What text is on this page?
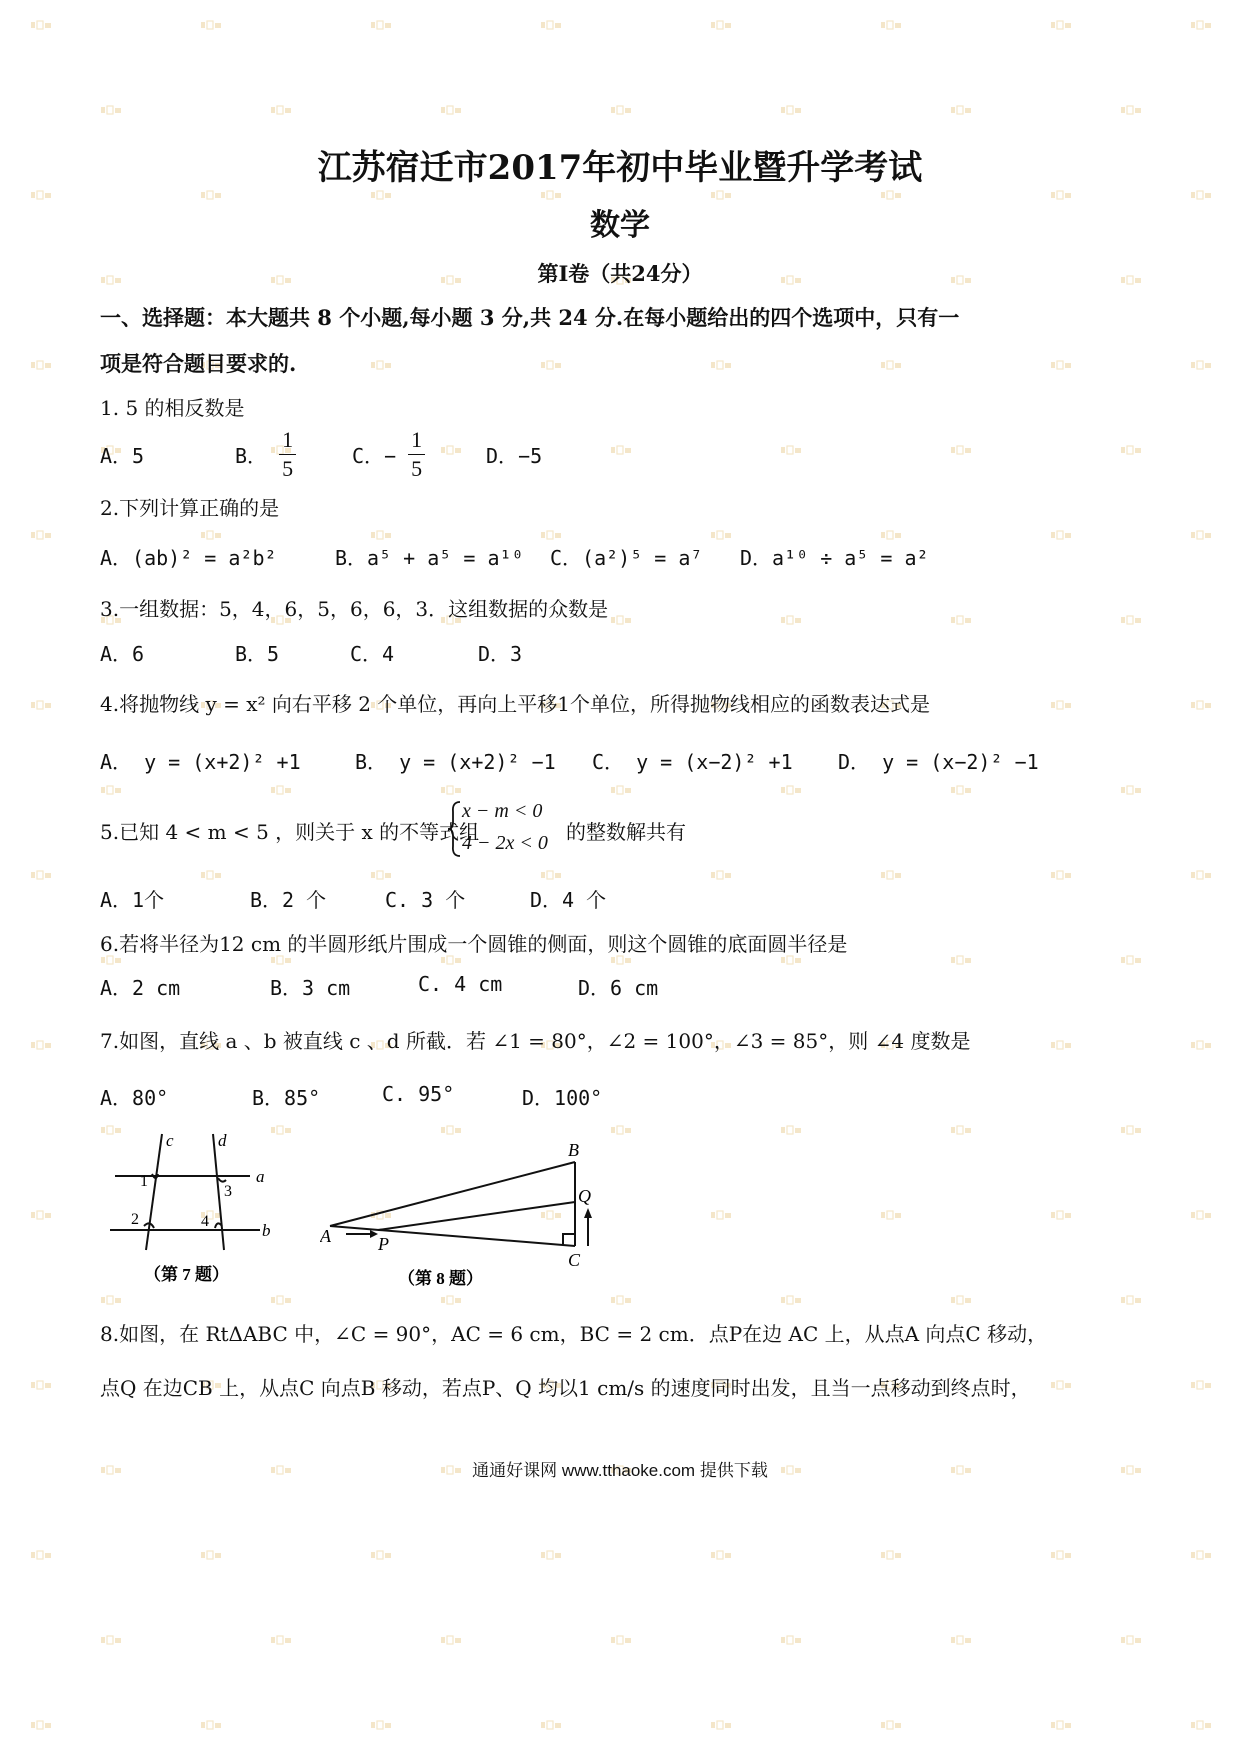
江苏宿迁市2017年初中毕业暨升学考试
数学
第Ⅰ卷（共24分）
一、选择题：本大题共 8 个小题,每小题 3 分,共 24 分.在每小题给出的四个选项中，只有一
项是符合题目要求的.
1. 5 的相反数是
A．5	B． $\frac{1}{5}$	C．− $\frac{1}{5}$	D．−5
2.下列计算正确的是
A．(ab)² = a²b²	B．a⁵ + a⁵ = a¹⁰ C．(a²)⁵ = a⁷ D．a¹⁰ ÷ a⁵ = a²
3.一组数据：5，4，6，5，6，6，3．这组数据的众数是
A．6	B．5	C．4	D．3
4.将抛物线 y = x² 向右平移 2 个单位，再向上平移1个单位，所得抛物线相应的函数表达式是
A． y = (x+2)² +1	B． y = (x+2)² −1 C． y = (x−2)² +1 D． y = (x−2)² −1
5.已知 4 < m < 5 ，则关于 x 的不等式组
x − m < 0
4 − 2x < 0 的整数解共有
A．1个	B．2 个	C. 3 个	D．4 个
6.若将半径为12 cm 的半圆形纸片围成一个圆锥的侧面，则这个圆锥的底面圆半径是
A．2 cm	B．3 cm	C. 4 cm	D．6 cm
7.如图，直线 a 、b 被直线 c 、d 所截．若 ∠1 = 80°，∠2 = 100°，∠3 = 85°，则 ∠4 度数是
A．80°	B．85°	C. 95°	D．100°
c	d
a
b
1
2
3
4
（第 7 题）
A
B
C
P
Q
（第 8 题）
8.如图，在 RtΔABC 中，∠C = 90°，AC = 6 cm，BC = 2 cm．点P在边 AC 上，从点A 向点C 移动，
点Q 在边CB 上，从点C 向点B 移动，若点P、Q 均以1 cm/s 的速度同时出发，且当一点移动到终点时，
通通好课网 www.tthaoke.com 提供下载
